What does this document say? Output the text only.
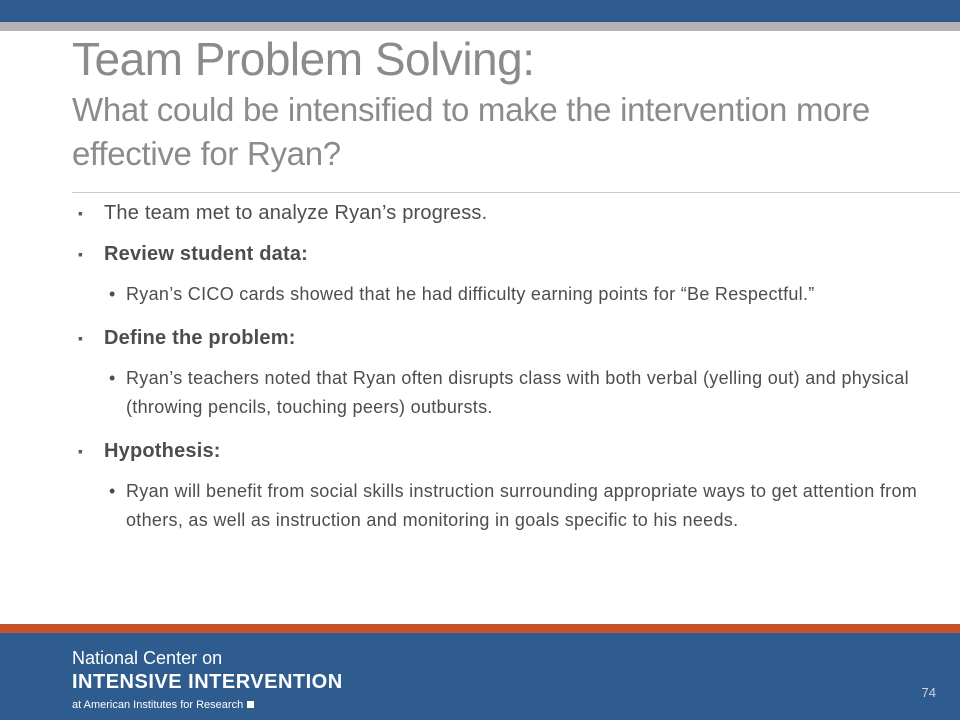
Team Problem Solving:
What could be intensified to make the intervention more effective for Ryan?
▪ The team met to analyze Ryan’s progress.
▪ Review student data:
• Ryan’s CICO cards showed that he had difficulty earning points for “Be Respectful.”
▪ Define the problem:
• Ryan’s teachers noted that Ryan often disrupts class with both verbal (yelling out) and physical (throwing pencils, touching peers) outbursts.
▪ Hypothesis:
• Ryan will benefit from social skills instruction surrounding appropriate ways to get attention from others, as well as instruction and monitoring in goals specific to his needs.
National Center on
INTENSIVE INTERVENTION
at American Institutes for Research
74
